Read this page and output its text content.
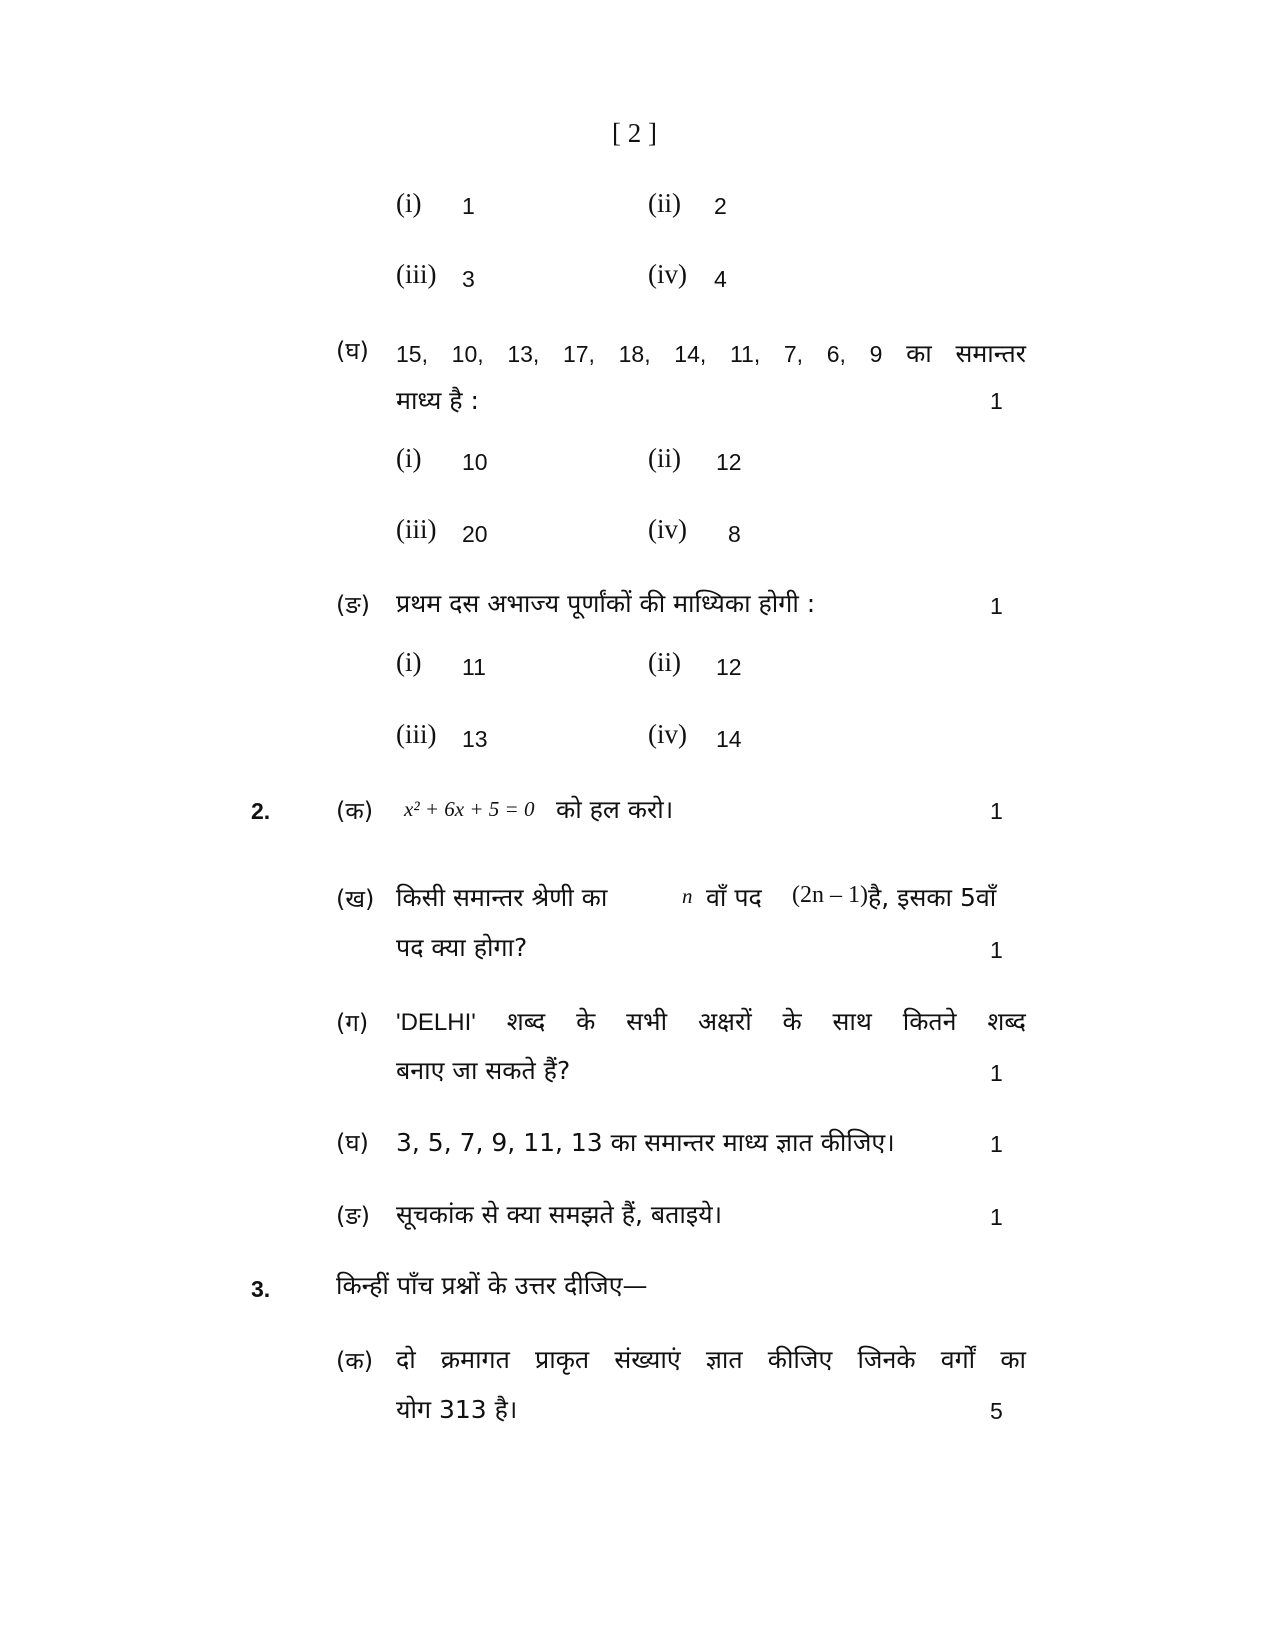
[ 2 ]
(i) 1	(ii) 2
(iii) 3	(iv) 4
(घ) 15, 10, 13, 17, 18, 14, 11, 7, 6, 9 का समान्तर
माध्य है :	1
(i) 10	(ii) 12
(iii) 20	(iv) 8
(ङ) प्रथम दस अभाज्य पूर्णांकों की माध्यिका होगी :	1
(i) 11	(ii) 12
(iii) 13	(iv) 14
2.	(क) x² + 6x + 5 = 0 को हल करो।	1
(ख) किसी समान्तर श्रेणी का	n वाँ पद (2n – 1) है, इसका 5वाँ
पद क्या होगा?	1
(ग) 'DELHI' शब्द के सभी अक्षरों के साथ कितने शब्द
बनाए जा सकते हैं?	1
(घ) 3, 5, 7, 9, 11, 13 का समान्तर माध्य ज्ञात कीजिए।	1
(ङ) सूचकांक से क्या समझते हैं, बताइये।	1
3.	किन्हीं पाँच प्रश्नों के उत्तर दीजिए—
(क) दो क्रमागत प्राकृत संख्याएं ज्ञात कीजिए जिनके वर्गों का
योग 313 है।	5
